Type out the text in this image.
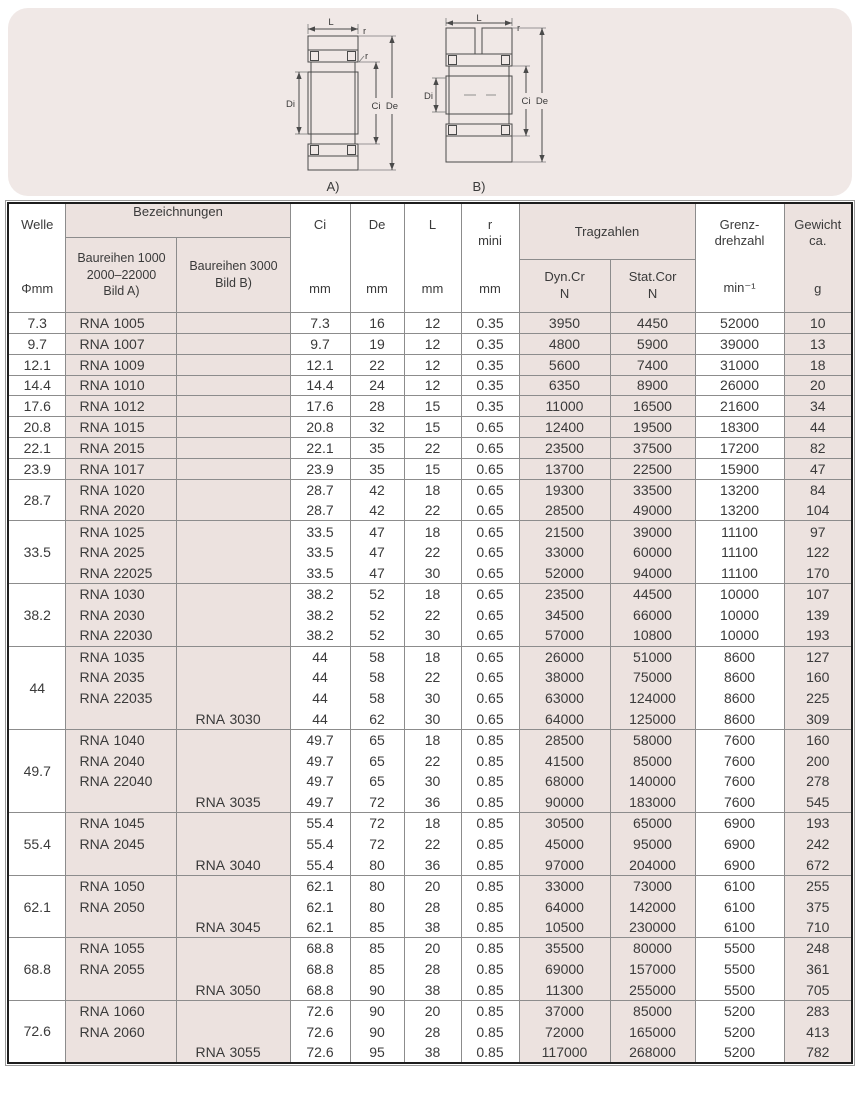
L
r
r
Di	Ci De
A)
L
r
Di	Ci De
B)
Welle
Φmm

Bezeichnungen

Ci
mm

De
mm

L
mm

r
mini
mm

Tragzahlen
Dyn.Cr
N
Stat.Cor
N

Grenz-
drehzahl
min⁻¹

Gewicht
ca.
g

	Baureihen 1000
2000–22000
Bild A)	Baureihen 3000
Bild B)								

7.3	RNA 1005		7.3	16	12	0.35	3950	4450	52000	10
9.7	RNA 1007		9.7	19	12	0.35	4800	5900	39000	13
12.1	RNA 1009		12.1	22	12	0.35	5600	7400	31000	18
14.4	RNA 1010		14.4	24	12	0.35	6350	8900	26000	20
17.6	RNA 1012		17.6	28	15	0.35	11000	16500	21600	34
20.8	RNA 1015		20.8	32	15	0.65	12400	19500	18300	44
22.1	RNA 2015		22.1	35	22	0.65	23500	37500	17200	82
23.9	RNA 1017		23.9	35	15	0.65	13700	22500	15900	47
28.7	RNA 1020		28.7	42	18	0.65	19300	33500	13200	84
	RNA 2020		28.7	42	22	0.65	28500	49000	13200	104
33.5	RNA 1025		33.5	47	18	0.65	21500	39000	11100	97
	RNA 2025		33.5	47	22	0.65	33000	60000	11100	122
	RNA 22025		33.5	47	30	0.65	52000	94000	11100	170
38.2	RNA 1030		38.2	52	18	0.65	23500	44500	10000	107
	RNA 2030		38.2	52	22	0.65	34500	66000	10000	139
	RNA 22030		38.2	52	30	0.65	57000	10800	10000	193
44	RNA 1035		44	58	18	0.65	26000	51000	8600	127
	RNA 2035		44	58	22	0.65	38000	75000	8600	160
	RNA 22035		44	58	30	0.65	63000	124000	8600	225
		RNA 3030	44	62	30	0.65	64000	125000	8600	309
49.7	RNA 1040		49.7	65	18	0.85	28500	58000	7600	160
	RNA 2040		49.7	65	22	0.85	41500	85000	7600	200
	RNA 22040		49.7	65	30	0.85	68000	140000	7600	278
		RNA 3035	49.7	72	36	0.85	90000	183000	7600	545
55.4	RNA 1045		55.4	72	18	0.85	30500	65000	6900	193
	RNA 2045		55.4	72	22	0.85	45000	95000	6900	242
		RNA 3040	55.4	80	36	0.85	97000	204000	6900	672
62.1	RNA 1050		62.1	80	20	0.85	33000	73000	6100	255
	RNA 2050		62.1	80	28	0.85	64000	142000	6100	375
		RNA 3045	62.1	85	38	0.85	10500	230000	6100	710
68.8	RNA 1055		68.8	85	20	0.85	35500	80000	5500	248
	RNA 2055		68.8	85	28	0.85	69000	157000	5500	361
		RNA 3050	68.8	90	38	0.85	11300	255000	5500	705
72.6	RNA 1060		72.6	90	20	0.85	37000	85000	5200	283
	RNA 2060		72.6	90	28	0.85	72000	165000	5200	413
		RNA 3055	72.6	95	38	0.85	117000	268000	5200	782
